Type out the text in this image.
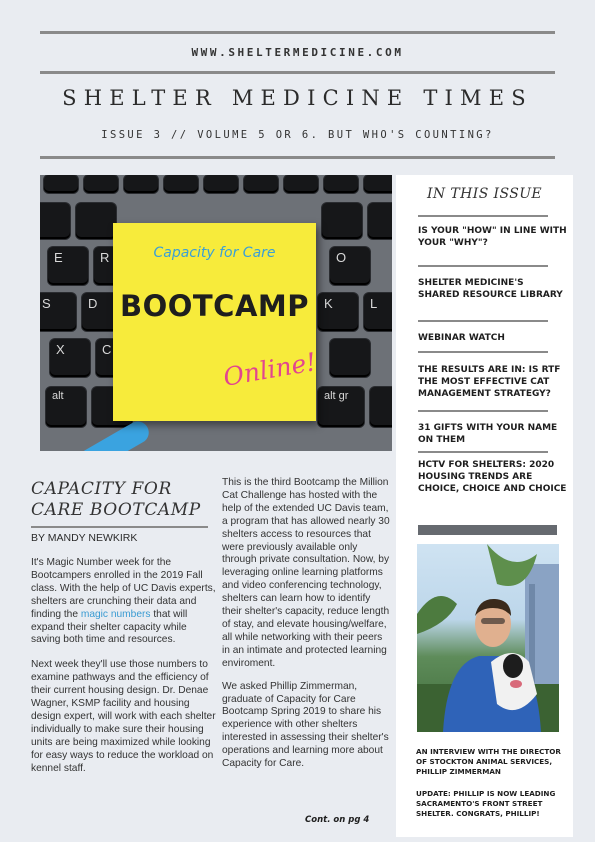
WWW.SHELTERMEDICINE.COM
SHELTER MEDICINE TIMES
ISSUE 3 // VOLUME 5 OR 6. BUT WHO'S COUNTING?
E	R	O
S	D	K	L
X	C
alt	alt gr
Capacity for Care
BOOTCAMP
Online!
IN THIS ISSUE
IS YOUR "HOW" IN LINE WITH YOUR "WHY"?
SHELTER MEDICINE'S SHARED RESOURCE LIBRARY
WEBINAR WATCH
THE RESULTS ARE IN: IS RTF THE MOST EFFECTIVE CAT MANAGEMENT STRATEGY?
31 GIFTS WITH YOUR NAME ON THEM
HCTV FOR SHELTERS: 2020 HOUSING TRENDS ARE CHOICE, CHOICE AND CHOICE
AN INTERVIEW WITH THE DIRECTOR OF STOCKTON ANIMAL SERVICES, PHILLIP ZIMMERMAN
UPDATE: PHILLIP IS NOW LEADING SACRAMENTO'S FRONT STREET SHELTER. CONGRATS, PHILLIP!
CAPACITY FOR
CARE BOOTCAMP
BY MANDY NEWKIRK

It's Magic Number week for the Bootcampers enrolled in the 2019 Fall class. With the help of UC Davis experts, shelters are crunching their data and finding the magic numbers that will expand their shelter capacity while saving both time and resources.

Next week they'll use those numbers to examine pathways and the efficiency of their current housing design. Dr. Denae Wagner, KSMP facility and housing design expert, will work with each shelter individually to make sure their housing units are being maximized while looking for easy ways to reduce the workload on kennel staff.

This is the third Bootcamp the Million Cat Challenge has hosted with the help of the extended UC Davis team, a program that has allowed nearly 30 shelters access to resources that were previously available only through private consultation. Now, by leveraging online learning platforms and video conferencing technology, shelters can learn how to identify their shelter's capacity, reduce length of stay, and elevate housing/welfare, all while networking with their peers in an intimate and protected learning enviroment.

We asked Phillip Zimmerman, graduate of Capacity for Care Bootcamp Spring 2019 to share his experience with other shelters interested in assessing their shelter's operations and learning more about Capacity for Care.

Cont. on pg 4
